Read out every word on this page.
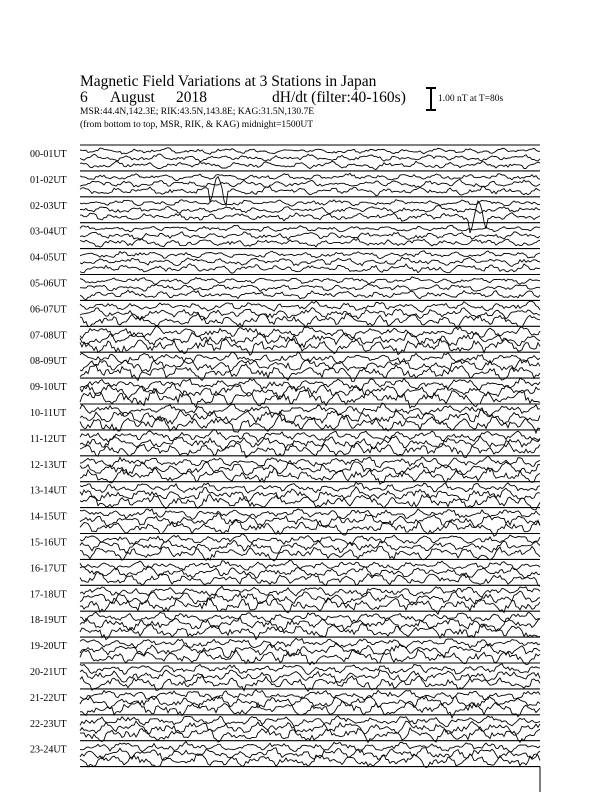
Magnetic Field Variations at 3 Stations in Japan
6	August	2018	dH/dt (filter:40-160s)
MSR:44.4N,142.3E; RIK:43.5N,143.8E; KAG:31.5N,130.7E
(from bottom to top, MSR, RIK, & KAG) midnight=1500UT
1.00 nT at T=80s
00-01UT
01-02UT
02-03UT
03-04UT
04-05UT
05-06UT
06-07UT
07-08UT
08-09UT
09-10UT
10-11UT
11-12UT
12-13UT
13-14UT
14-15UT
15-16UT
16-17UT
17-18UT
18-19UT
19-20UT
20-21UT
21-22UT
22-23UT
23-24UT
